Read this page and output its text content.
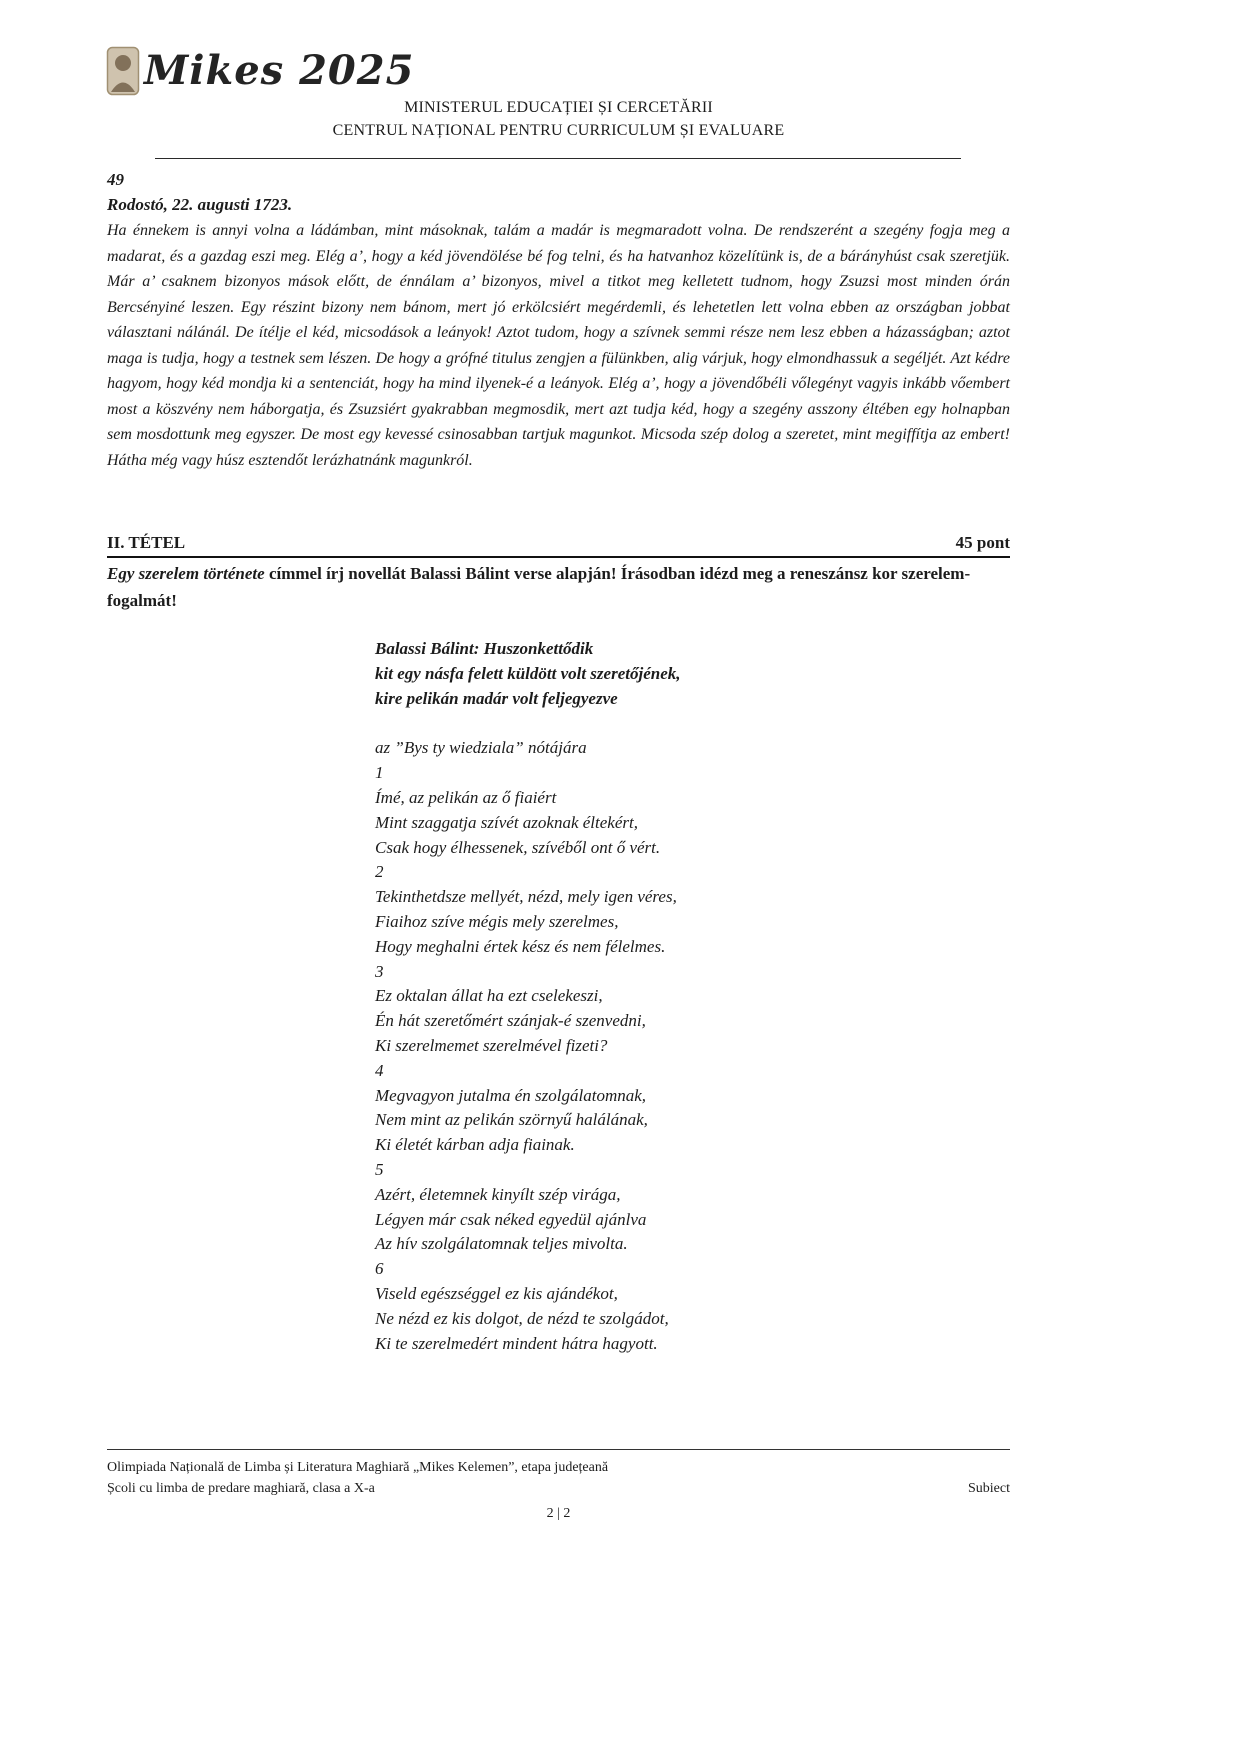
Mikes 2025
MINISTERUL EDUCAȚIEI ȘI CERCETĂRII
CENTRUL NAȚIONAL PENTRU CURRICULUM ȘI EVALUARE
49
Rodostó, 22. augusti 1723.

Ha énnekem is annyi volna a ládámban, mint másoknak, talám a madár is megmaradott volna. De rendszerént a szegény fogja meg a madarat, és a gazdag eszi meg. Elég a’, hogy a kéd jövendölése bé fog telni, és ha hatvanhoz közelítünk is, de a bárányhúst csak szeretjük. Már a’ csaknem bizonyos mások előtt, de énnálam a’ bizonyos, mivel a titkot meg kelletett tudnom, hogy Zsuzsi most minden órán Bercsényiné leszen. Egy részint bizony nem bánom, mert jó erkölcsiért megérdemli, és lehetetlen lett volna ebben az országban jobbat választani nálánál. De ítélje el kéd, micsodások a leányok! Aztot tudom, hogy a szívnek semmi része nem lesz ebben a házasságban; aztot maga is tudja, hogy a testnek sem lészen. De hogy a grófné titulus zengjen a fülünkben, alig várjuk, hogy elmondhassuk a segéljét. Azt kédre hagyom, hogy kéd mondja ki a sentenciát, hogy ha mind ilyenek-é a leányok. Elég a’, hogy a jövendőbéli vőlegényt vagyis inkább vőembert most a köszvény nem háborgatja, és Zsuzsiért gyakrabban megmosdik, mert azt tudja kéd, hogy a szegény asszony éltében egy holnapban sem mosdottunk meg egyszer. De most egy kevessé csinosabban tartjuk magunkot. Micsoda szép dolog a szeretet, mint megiffítja az embert! Hátha még vagy húsz esztendőt lerázhatnánk magunkról.

II. TÉTEL	45 pont

Egy szerelem története címmel írj novellát Balassi Bálint verse alapján! Írásodban idézd meg a reneszánsz kor szerelem-fogalmát!

Balassi Bálint: Huszonkettődik
kit egy násfa felett küldött volt szeretőjének,
kire pelikán madár volt feljegyezve
az ”Bys ty wiedziala” nótájára
1
Ímé, az pelikán az ő fiaiért
Mint szaggatja szívét azoknak éltekért,
Csak hogy élhessenek, szívéből ont ő vért.
2
Tekinthetdsze mellyét, nézd, mely igen véres,
Fiaihoz szíve mégis mely szerelmes,
Hogy meghalni értek kész és nem félelmes.
3
Ez oktalan állat ha ezt cselekeszi,
Én hát szeretőmért szánjak-é szenvedni,
Ki szerelmemet szerelmével fizeti?
4
Megvagyon jutalma én szolgálatomnak,
Nem mint az pelikán szörnyű halálának,
Ki életét kárban adja fiainak.
5
Azért, életemnek kinyílt szép virága,
Légyen már csak néked egyedül ajánlva
Az hív szolgálatomnak teljes mivolta.
6
Viseld egészséggel ez kis ajándékot,
Ne nézd ez kis dolgot, de nézd te szolgádot,
Ki te szerelmedért mindent hátra hagyott.
Olimpiada Națională de Limba și Literatura Maghiară „Mikes Kelemen”, etapa județeană
Școli cu limba de predare maghiară, clasa a X-a	Subiect
2 | 2
